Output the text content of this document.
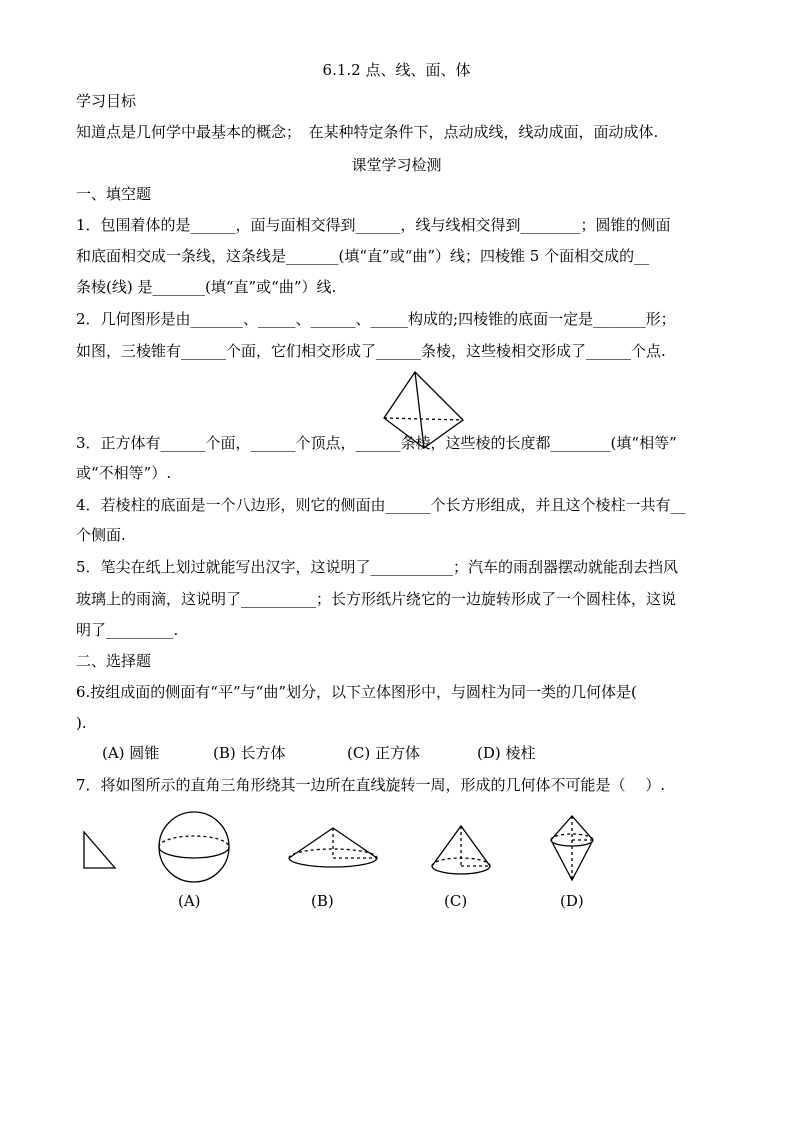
6.1.2 点、线、面、体
学习目标
知道点是几何学中最基本的概念；　在某种特定条件下，点动成线，线动成面，面动成体.
课堂学习检测
一、填空题
1．包围着体的是______，面与面相交得到______，线与线相交得到________；圆锥的侧面
和底面相交成一条线，这条线是_______(填“直”或“曲”）线；四棱锥 5 个面相交成的__
条棱(线) 是_______(填“直”或“曲”）线.
2．几何图形是由_______、_____、______、_____构成的;四棱锥的底面一定是_______形；
如图，三棱锥有______个面，它们相交形成了______条棱，这些棱相交形成了______个点.
3．正方体有______个面，______个顶点，______条棱，这些棱的长度都________(填“相等”
或“不相等”）.
4．若棱柱的底面是一个八边形，则它的侧面由______个长方形组成，并且这个棱柱一共有__
个侧面.
5．笔尖在纸上划过就能写出汉字，这说明了___________；汽车的雨刮器摆动就能刮去挡风
玻璃上的雨滴，这说明了__________；长方形纸片绕它的一边旋转形成了一个圆柱体，这说
明了_________.
二、选择题
6.按组成面的侧面有“平”与“曲”划分，以下立体图形中，与圆柱为同一类的几何体是(
).
(A) 圆锥	(B) 长方体	(C) 正方体	(D) 棱柱
7．将如图所示的直角三角形绕其一边所在直线旋转一周，形成的几何体不可能是（　 ）.
(A)	(B)	(C)	(D)
